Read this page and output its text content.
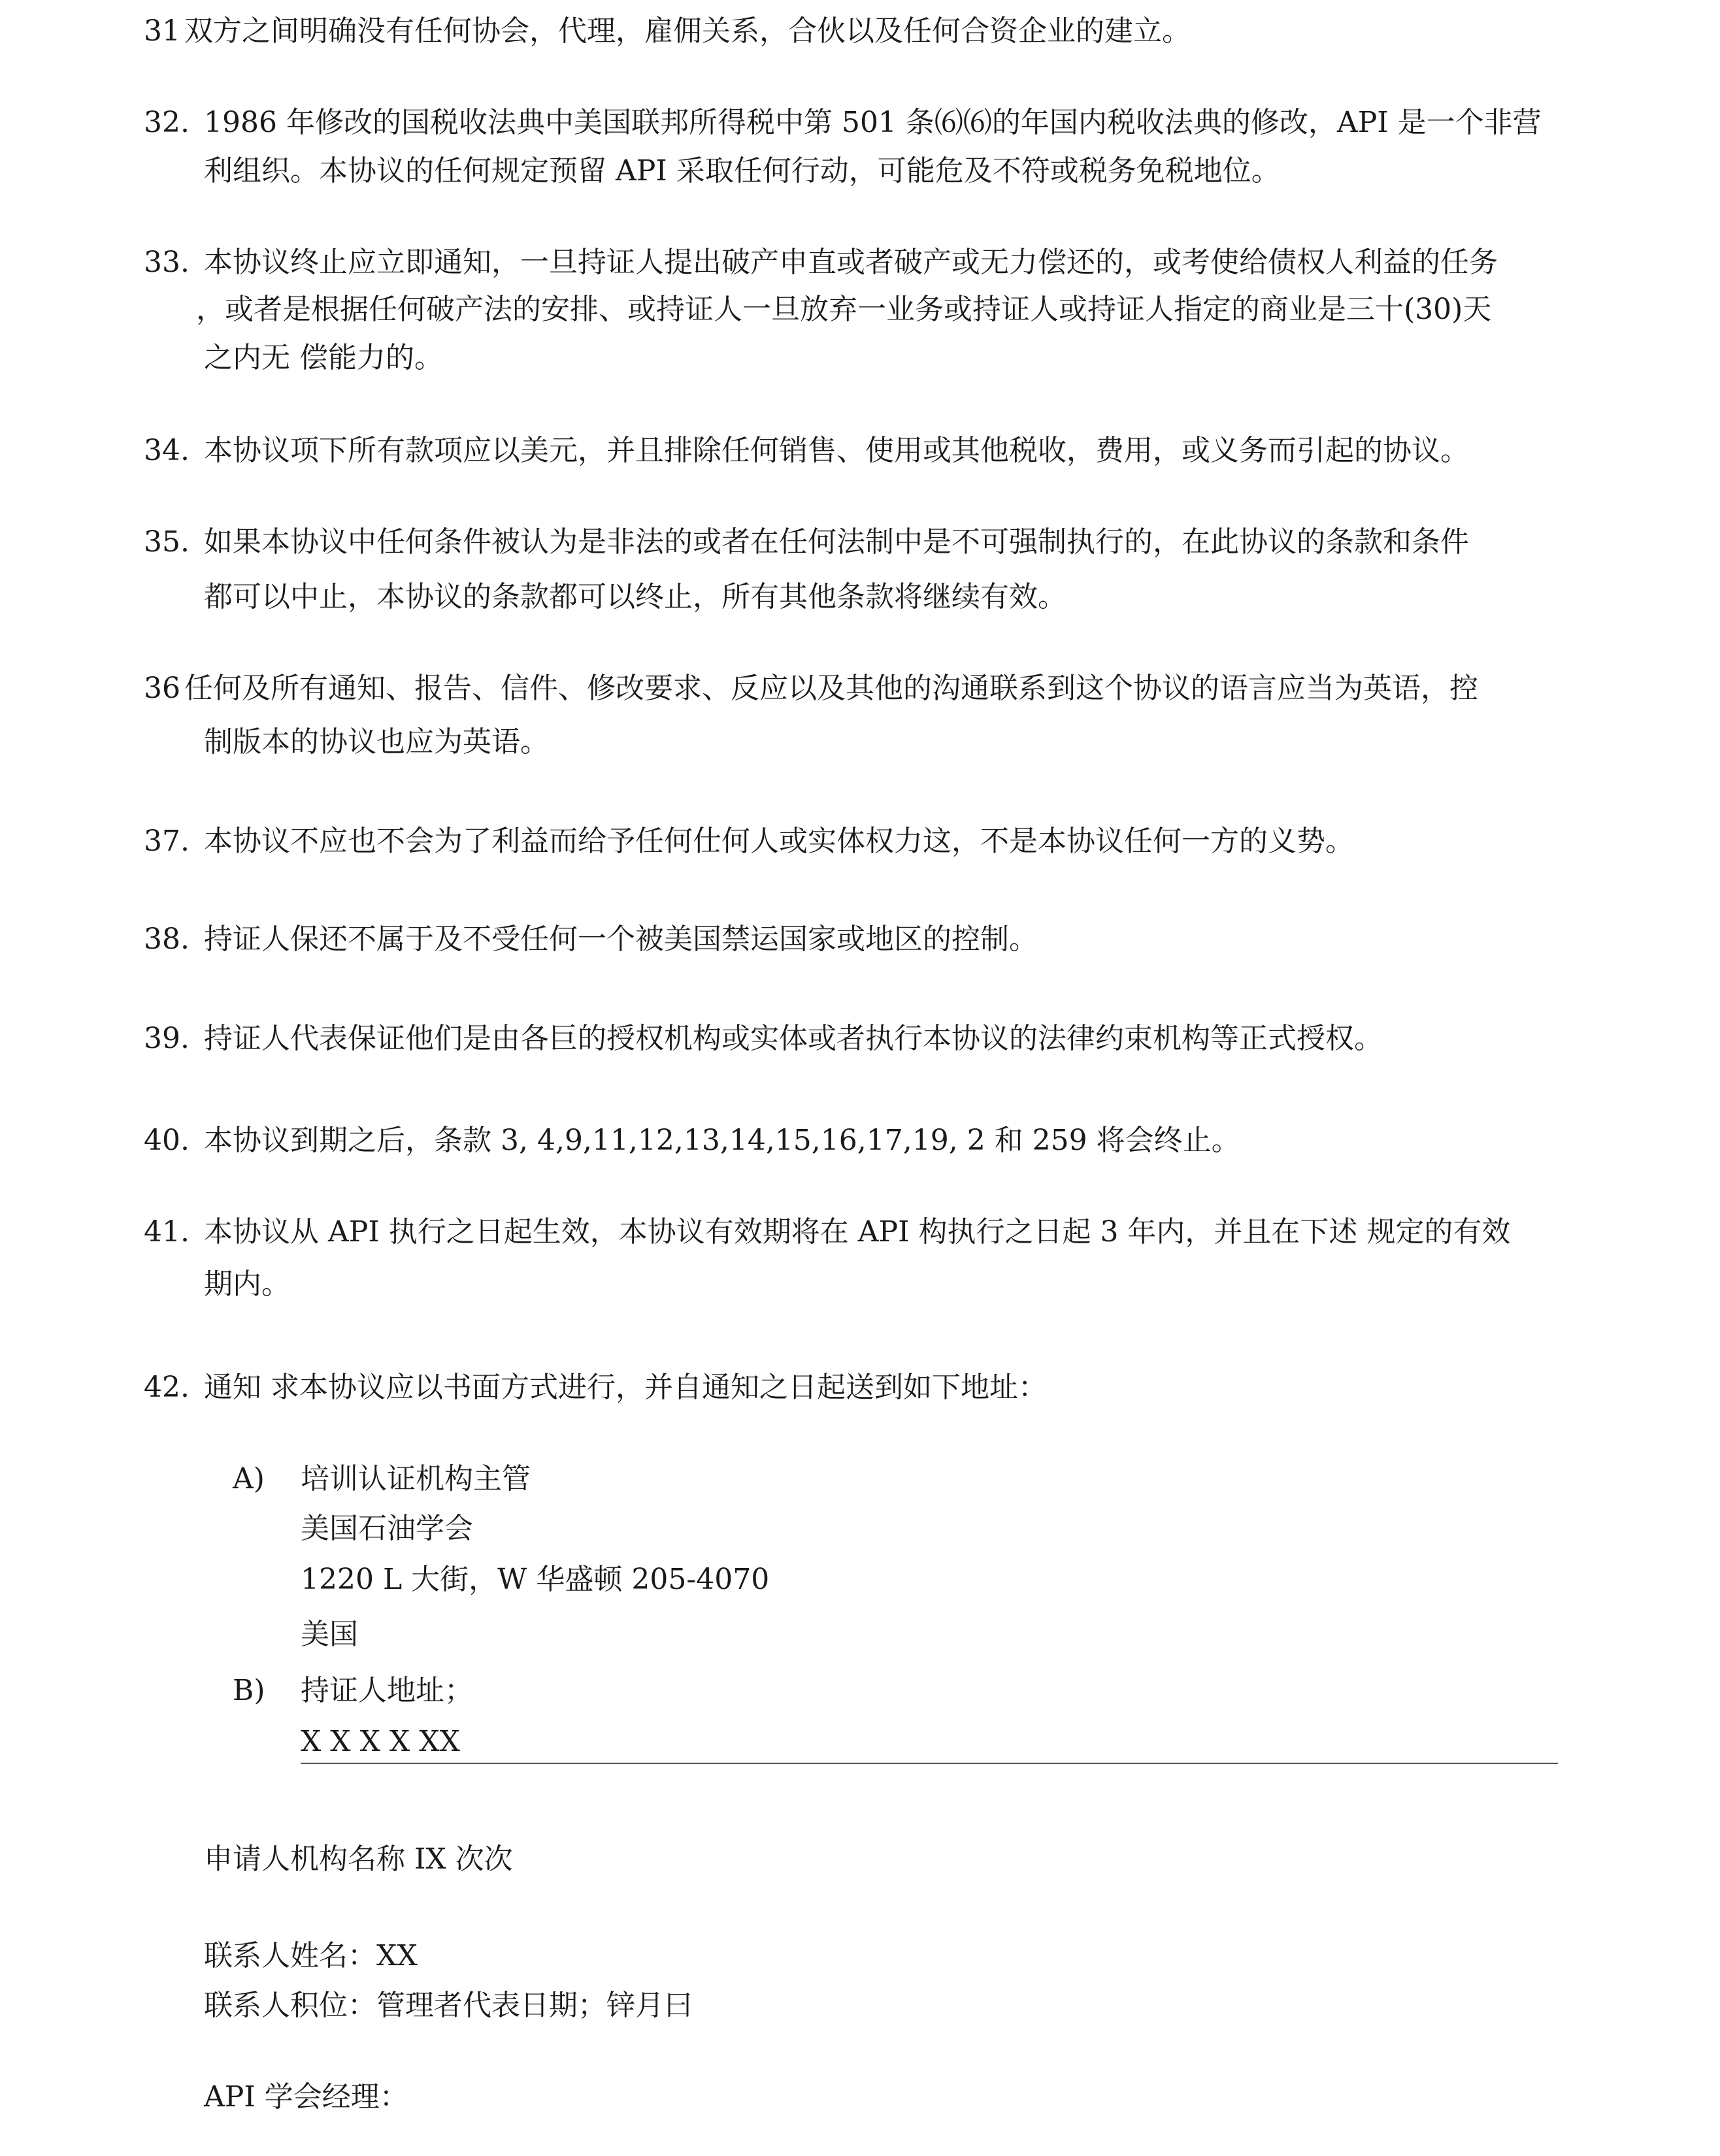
31 双方之间明确没有任何协会，代理，雇佣关系，合伙以及任何合资企业的建立。
32. 1986 年修改的国税收法典中美国联邦所得税中第 501 条⑹⑹的年国内税收法典的修改，API 是一个非营
利组织。本协议的任何规定预留 API 采取任何行动，可能危及不符或税务免税地位。
33. 本协议终止应立即通知，一旦持证人提出破产申直或者破产或无力偿还的，或考使给债权人利益的任务
，或者是根据任何破产法的安排、或持证人一旦放弃一业务或持证人或持证人指定的商业是三十(30)天
之内无 偿能力的。
34. 本协议项下所有款项应以美元，并且排除任何销售、使用或其他税收，费用，或义务而引起的协议。
35. 如果本协议中任何条件被认为是非法的或者在任何法制中是不可强制执行的，在此协议的条款和条件
都可以中止，本协议的条款都可以终止，所有其他条款将继续有效。
36 任何及所有通知、报告、信件、修改要求、反应以及其他的沟通联系到这个协议的语言应当为英语，控
制版本的协议也应为英语。
37. 本协议不应也不会为了利益而给予任何仕何人或实体权力这，不是本协议任何一方的义势。
38. 持证人保还不属于及不受任何一个被美国禁运国家或地区的控制。
39. 持证人代表保证他们是由各巨的授权机构或实体或者执行本协议的法律约束机构等正式授权。
40. 本协议到期之后，条款 3, 4,9,11,12,13,14,15,16,17,19, 2 和 259 将会终止。
41. 本协议从 API 执行之日起生效，本协议有效期将在 API 构执行之日起 3 年内，并且在下述 规定的有效
期内。
42. 通知 求本协议应以书面方式进行，并自通知之日起送到如下地址：
A) 培训认证机构主管
美国石油学会
1220 L 大街，W 华盛顿 205-4070
美国
B) 持证人地址；
X X X X XX
申请人机构名称 IX 次次
联系人姓名：XX
联系人积位：管理者代表日期；锌月曰
API 学会经理：
